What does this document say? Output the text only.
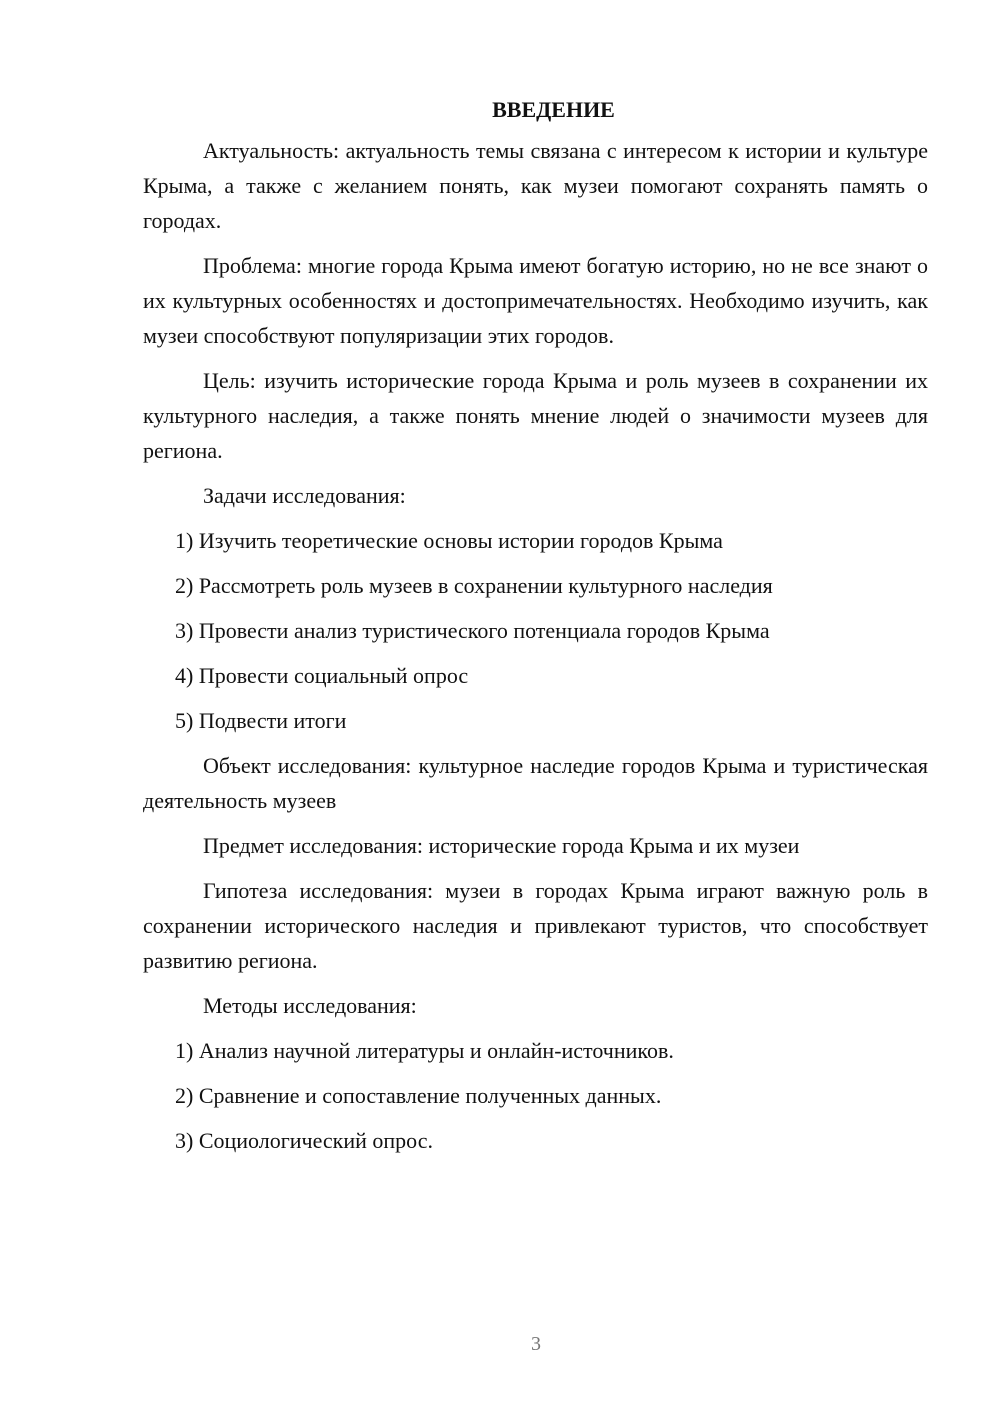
ВВЕДЕНИЕ

Актуальность: актуальность темы связана с интересом к истории и культуре Крыма, а также с желанием понять, как музеи помогают сохранять память о городах.

Проблема: многие города Крыма имеют богатую историю, но не все знают о их культурных особенностях и достопримечательностях. Необходимо изучить, как музеи способствуют популяризации этих городов.

Цель: изучить исторические города Крыма и роль музеев в сохранении их культурного наследия, а также понять мнение людей о значимости музеев для региона.

Задачи исследования:

1) Изучить теоретические основы истории городов Крыма
2) Рассмотреть роль музеев в сохранении культурного наследия
3) Провести анализ туристического потенциала городов Крыма
4) Провести социальный опрос
5) Подвести итоги

Объект исследования: культурное наследие городов Крыма и туристическая деятельность музеев

Предмет исследования: исторические города Крыма и их музеи

Гипотеза исследования: музеи в городах Крыма играют важную роль в сохранении исторического наследия и привлекают туристов, что способствует развитию региона.

Методы исследования:

1) Анализ научной литературы и онлайн-источников.
2) Сравнение и сопоставление полученных данных.
3) Социологический опрос.
3
